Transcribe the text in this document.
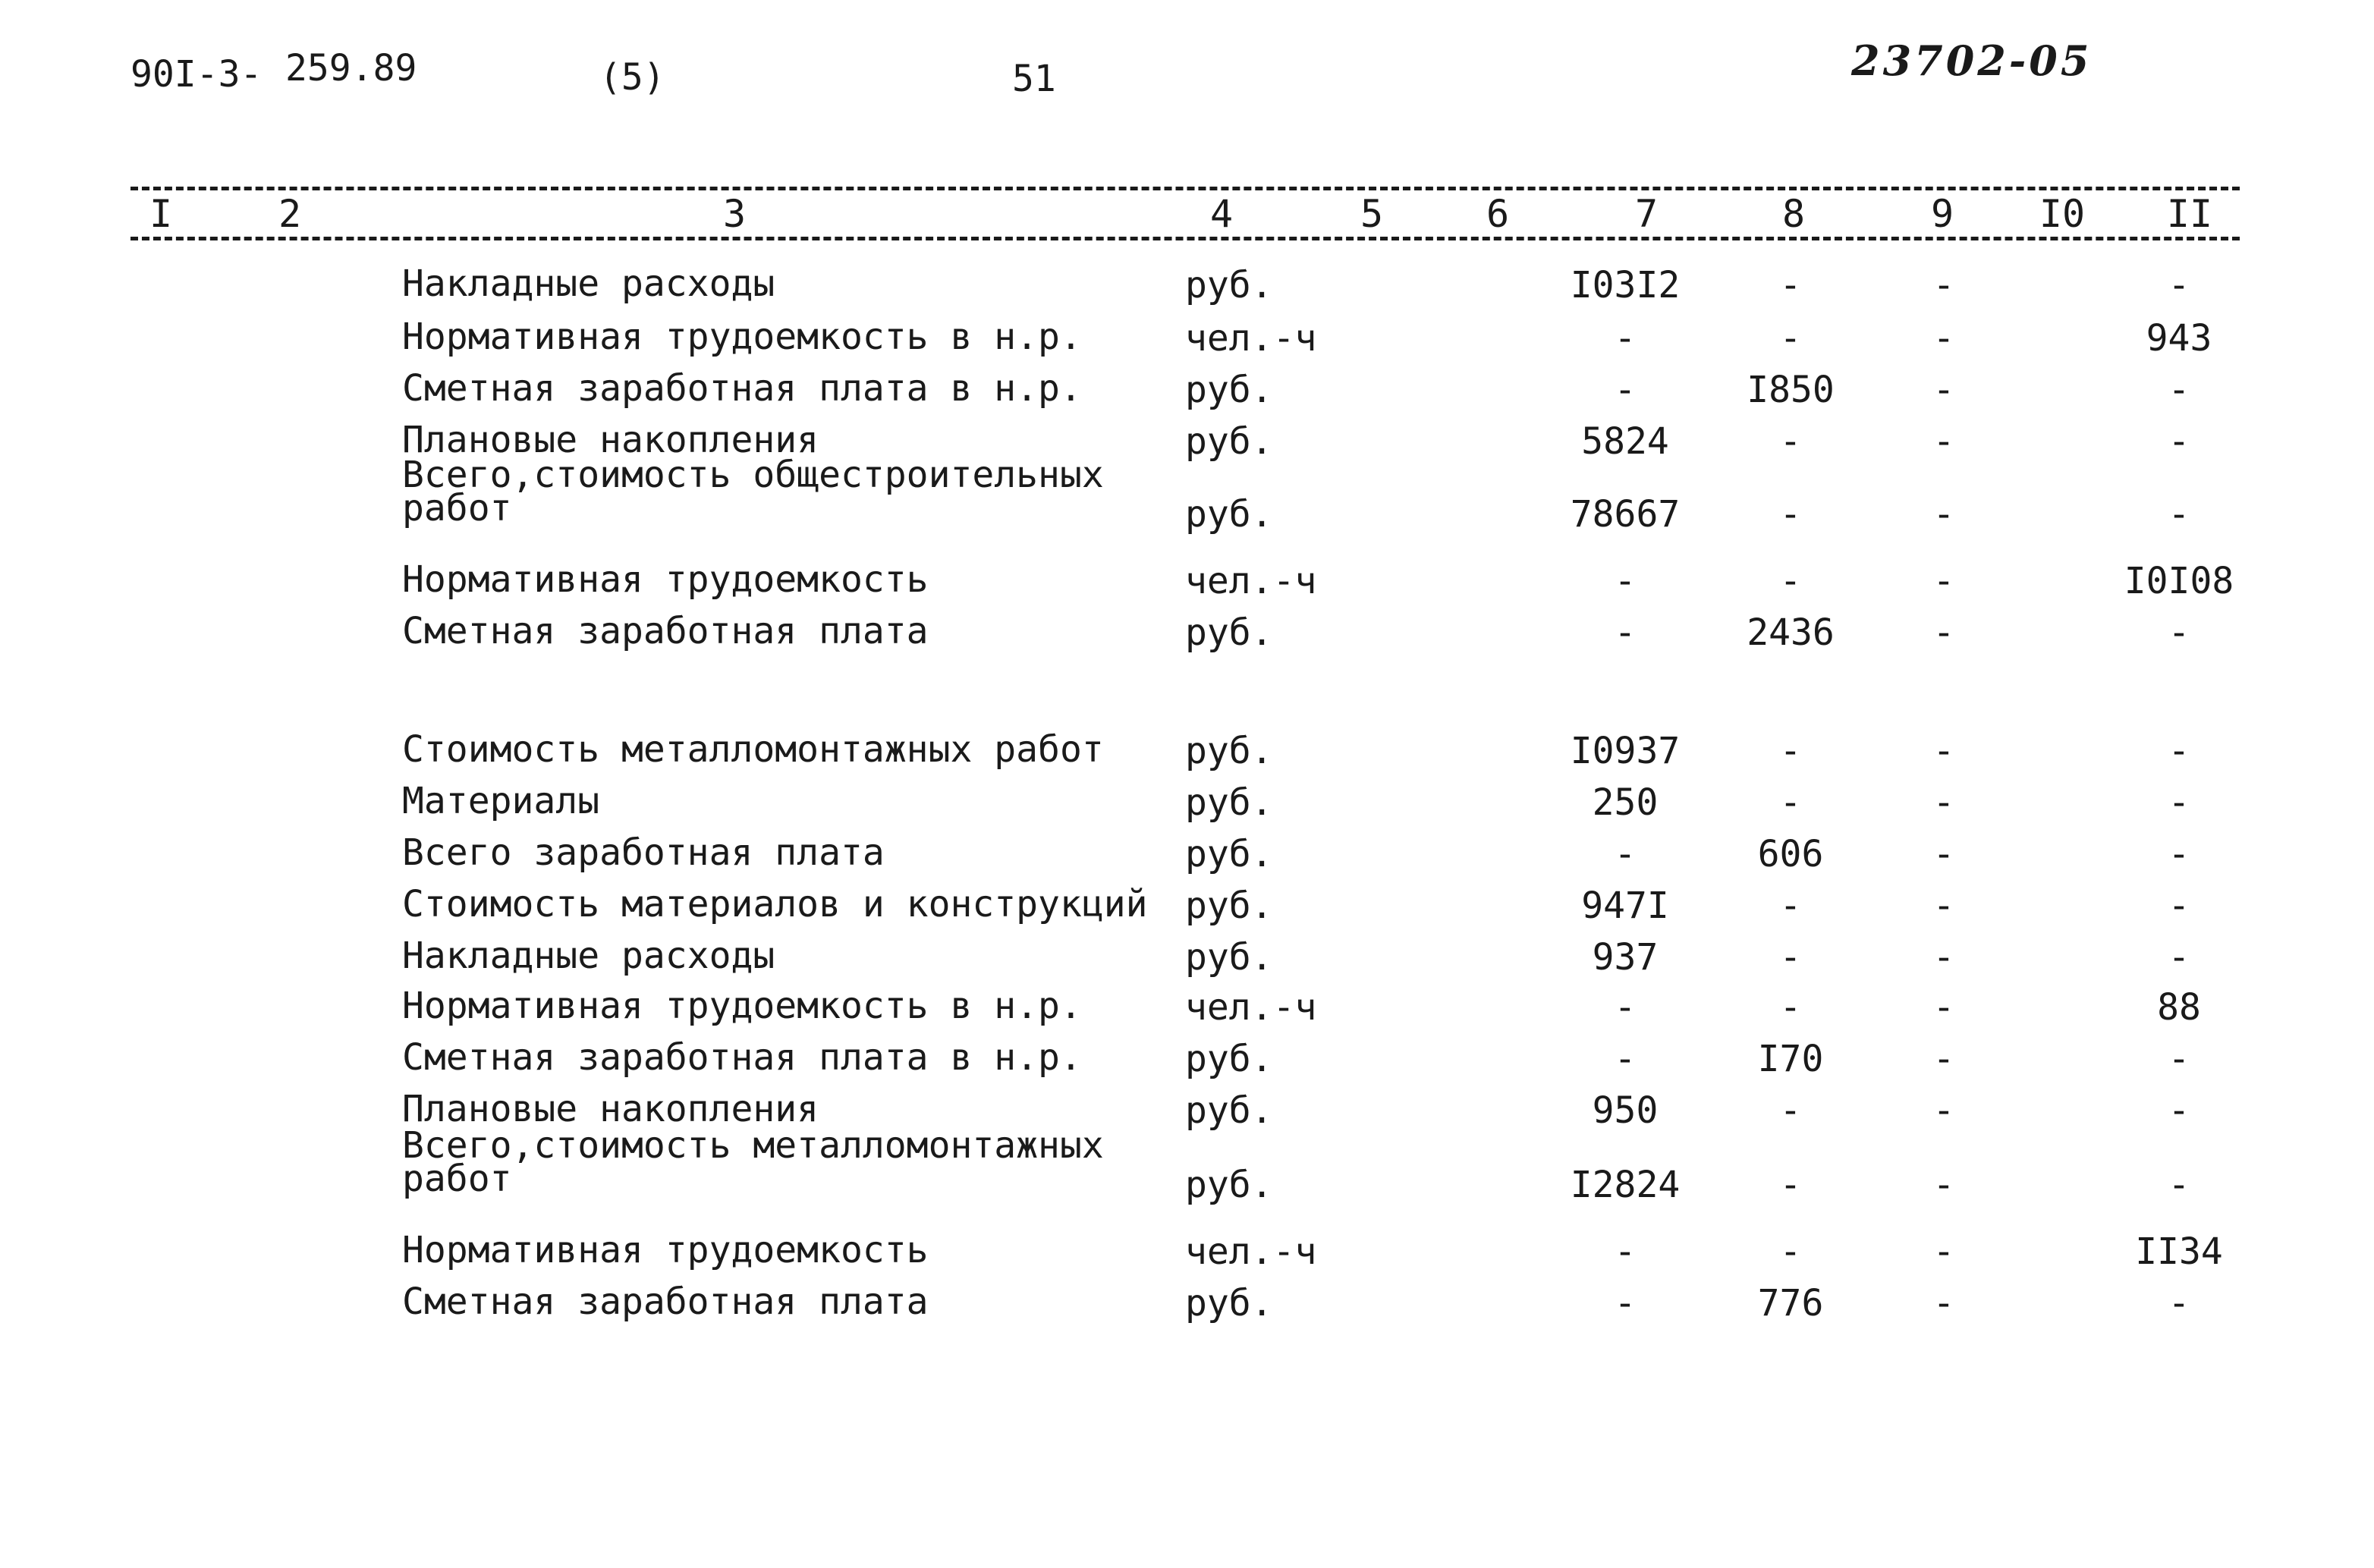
90I-3- 259.89	(5)	51	23702-05
I	2	3	4	5	6	7	8	9 I0 II
Накладные расходы	руб.	I03I2	-	-	-
Нормативная трудоемкость в н.р.	чел.-ч	-	-	-	943
Сметная заработная плата в н.р.	руб.	-	I850	-	-
Плановые накопления	руб.	5824	-	-	-
Всего,стоимость общестроительных
работ	руб.	78667	-	-	-
Нормативная трудоемкость	чел.-ч	-	-	-	I0I08
Сметная заработная плата	руб.	-	2436	-	-
Стоимость металломонтажных работ руб.	I0937	-	-	-
Материалы	руб.	250	-	-	-
Всего заработная плата	руб.	-	606	-	-
Стоимость материалов и конструкций руб.	947I	-	-	-
Накладные расходы	руб.	937	-	-	-
Нормативная трудоемкость в н.р.	чел.-ч	-	-	-	88
Сметная заработная плата в н.р.	руб.	-	I70	-	-
Плановые накопления	руб.	950	-	-	-
Всего,стоимость металломонтажных
работ	руб.	I2824	-	-	-
Нормативная трудоемкость	чел.-ч	-	-	-	II34
Сметная заработная плата	руб.	-	776	-	-
